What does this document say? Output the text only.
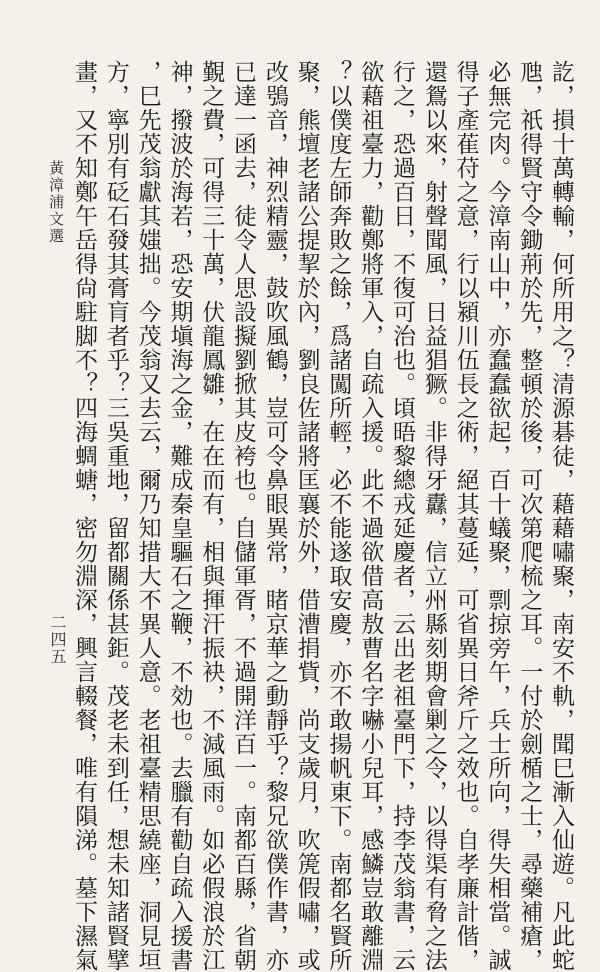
訖，損十萬轉輸，何所用之？清源碁徒，藉藉嘯聚，南安不軌，聞巳漸入仙遊。凡此蛇
虺，祇得賢守令鋤荊於先，整頓於後，可次第爬梳之耳。一付於劍楯之士，尋藥補瘡，
必無完肉。今漳南山中，亦蠢蠢欲起，百十蟻聚，剽掠旁午，兵士所向，得失相當。誠
得子產萑苻之意，行以潁川伍長之術，絕其蔓延，可省異日斧斤之效也。自孝廉計偕，
還鴛以來，射聲聞風，日益猖獗。非得牙纛，信立州縣刻期會剿之令，以得渠有脅之法
行之，恐過百日，不復可治也。頃晤黎總戎延慶者，云出老祖臺門下，持李茂翁書，云
欲藉祖臺力，勸鄭將軍入，自疏入援。此不過欲借高敖曹名字嚇小兒耳，感鱗豈敢離淵
？以僕度左師奔敗之餘，爲諸闖所輕，必不能遂取安慶，亦不敢揚帆東下。南都名賢所
聚，熊壇老諸公提挈於內，劉良佐諸將匡襄於外，借漕捐貲，尚支歲月，吹箎假嘯，或
改鴞音，神烈精靈，鼓吹風鶴，豈可令鼻眼異常，睹京華之動靜乎？黎兄欲僕作書，亦
已達一函去，徒令人思設擬劉掀其皮袴也。自儲軍胥，不過開洋百一。南都百縣，省朝
覲之費，可得三十萬，伏龍鳳雛，在在而有，相與揮汗振袂，不減風雨。如必假浪於江
神，撥波於海若，恐安期塡海之金，難成秦皇驅石之鞭，不効也。去臘有勸自疏入援書
，巳先茂翁獻其媸拙。今茂翁又去云，爾乃知措大不異人意。老祖臺精思繞座，洞見垣
方，寧別有砭石發其膏肓者乎？三吳重地，留都關係甚鉅。茂老未到任，想未知諸賢擘
畫，又不知鄭午岳得尙駐脚不？四海蜩螗，密勿淵深，興言輟餐，唯有隕涕。墓下濕氣
黃漳浦文選
二四五
